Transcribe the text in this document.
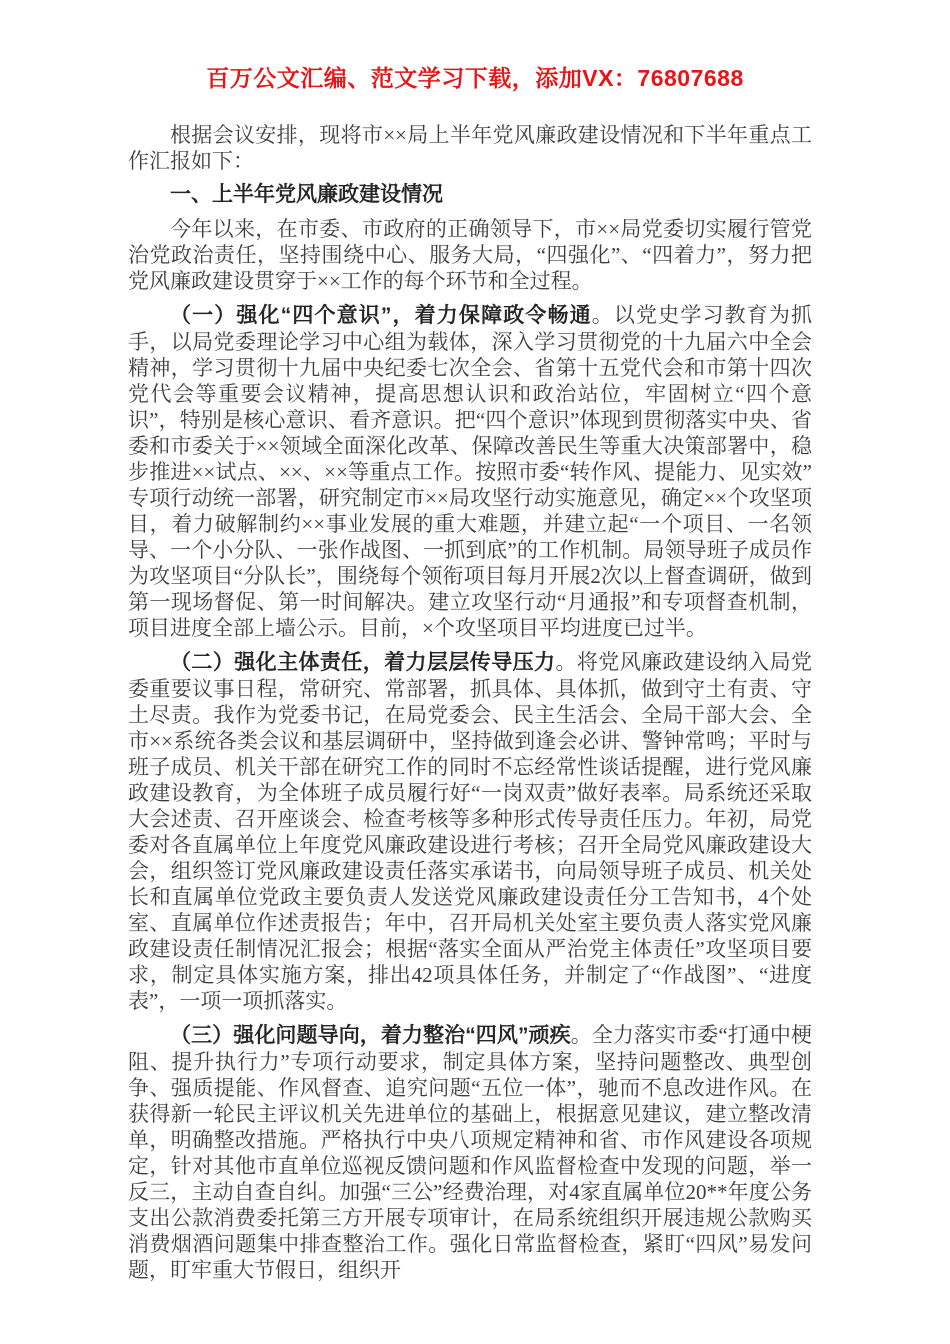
百万公文汇编、范文学习下载，添加VX：76807688

根据会议安排，现将市××局上半年党风廉政建设情况和下半年重点工作汇报如下：

一、上半年党风廉政建设情况

今年以来，在市委、市政府的正确领导下，市××局党委切实履行管党治党政治责任，坚持围绕中心、服务大局，“四强化”、“四着力”，努力把党风廉政建设贯穿于××工作的每个环节和全过程。

（一）强化“四个意识”，着力保障政令畅通。以党史学习教育为抓手，以局党委理论学习中心组为载体，深入学习贯彻党的十九届六中全会精神，学习贯彻十九届中央纪委七次全会、省第十五党代会和市第十四次党代会等重要会议精神，提高思想认识和政治站位，牢固树立“四个意识”，特别是核心意识、看齐意识。把“四个意识”体现到贯彻落实中央、省委和市委关于××领域全面深化改革、保障改善民生等重大决策部署中，稳步推进××试点、××、××等重点工作。按照市委“转作风、提能力、见实效”专项行动统一部署，研究制定市××局攻坚行动实施意见，确定××个攻坚项目，着力破解制约××事业发展的重大难题，并建立起“一个项目、一名领导、一个小分队、一张作战图、一抓到底”的工作机制。局领导班子成员作为攻坚项目“分队长”，围绕每个领衔项目每月开展2次以上督查调研，做到第一现场督促、第一时间解决。建立攻坚行动“月通报”和专项督查机制，项目进度全部上墙公示。目前，×个攻坚项目平均进度已过半。

（二）强化主体责任，着力层层传导压力。将党风廉政建设纳入局党委重要议事日程，常研究、常部署，抓具体、具体抓，做到守土有责、守土尽责。我作为党委书记，在局党委会、民主生活会、全局干部大会、全市××系统各类会议和基层调研中，坚持做到逢会必讲、警钟常鸣；平时与班子成员、机关干部在研究工作的同时不忘经常性谈话提醒，进行党风廉政建设教育，为全体班子成员履行好“一岗双责”做好表率。局系统还采取大会述责、召开座谈会、检查考核等多种形式传导责任压力。年初，局党委对各直属单位上年度党风廉政建设进行考核；召开全局党风廉政建设大会，组织签订党风廉政建设责任落实承诺书，向局领导班子成员、机关处长和直属单位党政主要负责人发送党风廉政建设责任分工告知书，4个处室、直属单位作述责报告；年中，召开局机关处室主要负责人落实党风廉政建设责任制情况汇报会；根据“落实全面从严治党主体责任”攻坚项目要求，制定具体实施方案，排出42项具体任务，并制定了“作战图”、“进度表”，一项一项抓落实。

（三）强化问题导向，着力整治“四风”顽疾。全力落实市委“打通中梗阻、提升执行力”专项行动要求，制定具体方案，坚持问题整改、典型创争、强质提能、作风督查、追究问题“五位一体”，驰而不息改进作风。在获得新一轮民主评议机关先进单位的基础上，根据意见建议，建立整改清单，明确整改措施。严格执行中央八项规定精神和省、市作风建设各项规定，针对其他市直单位巡视反馈问题和作风监督检查中发现的问题，举一反三，主动自查自纠。加强“三公”经费治理，对4家直属单位20**年度公务支出公款消费委托第三方开展专项审计，在局系统组织开展违规公款购买消费烟酒问题集中排查整治工作。强化日常监督检查，紧盯“四风”易发问题，盯牢重大节假日，组织开
